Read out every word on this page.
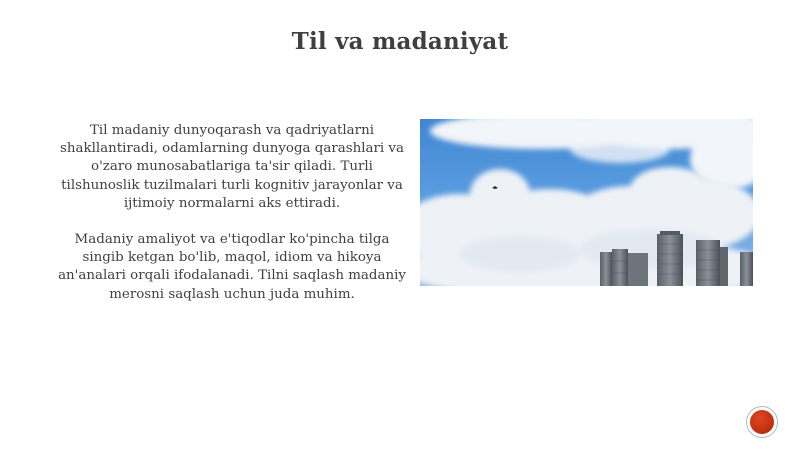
Til va madaniyat

Til madaniy dunyoqarash va qadriyatlarni shakllantiradi, odamlarning dunyoga qarashlari va o'zaro munosabatlariga ta'sir qiladi. Turli tilshunoslik tuzilmalari turli kognitiv jarayonlar va ijtimoiy normalarni aks ettiradi.

Madaniy amaliyot va e'tiqodlar ko'pincha tilga singib ketgan bo'lib, maqol, idiom va hikoya an'analari orqali ifodalanadi. Tilni saqlash madaniy merosni saqlash uchun juda muhim.
